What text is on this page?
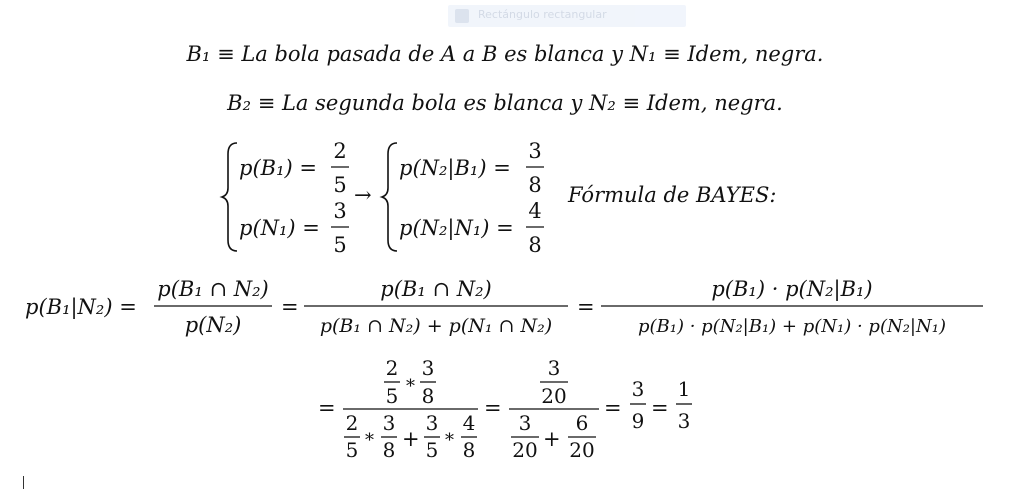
Rectángulo rectangular
B₁ ≡ La bola pasada de A a B es blanca y N₁ ≡ Idem, negra.
B₂ ≡ La segunda bola es blanca y N₂ ≡ Idem, negra.
p(B₁) =
2
5
p(N₁) =
3
5
→
p(N₂|B₁) =
3
8
p(N₂|N₁) =
4
8
Fórmula de BAYES:
p(B₁|N₂) =
p(B₁ ∩ N₂)
p(N₂)
=
p(B₁ ∩ N₂)
p(B₁ ∩ N₂) + p(N₁ ∩ N₂)
=
p(B₁) · p(N₂|B₁)
p(B₁) · p(N₂|B₁) + p(N₁) · p(N₂|N₁)
=
2
5 *
3
8
2
5 *
3
8 +
3
5 *
4
8
=
3
20
3
20 +
6
20
=
3
9
=
1
3
